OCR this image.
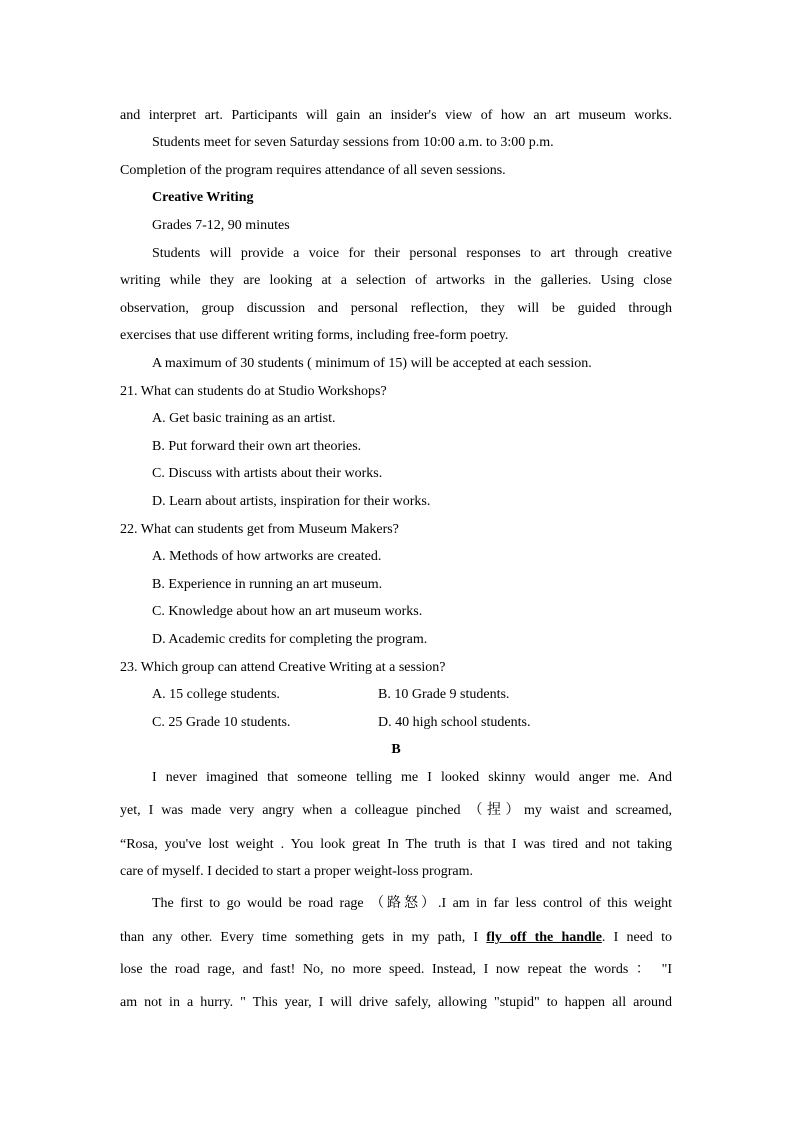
and interpret art. Participants will gain an insider's view of how an art museum works.
Students meet for seven Saturday sessions from 10:00 a.m. to 3:00 p.m.
Completion of the program requires attendance of all seven sessions.
Creative Writing
Grades 7-12, 90 minutes
Students will provide a voice for their personal responses to art through creative
writing while they are looking at a selection of artworks in the galleries. Using close
observation, group discussion and personal reflection, they will be guided through
exercises that use different writing forms, including free-form poetry.
A maximum of 30 students ( minimum of 15) will be accepted at each session.
21. What can students do at Studio Workshops?
A. Get basic training as an artist.
B. Put forward their own art theories.
C. Discuss with artists about their works.
D. Learn about artists, inspiration for their works.
22. What can students get from Museum Makers?
A. Methods of how artworks are created.
B. Experience in running an art museum.
C. Knowledge about how an art museum works.
D. Academic credits for completing the program.
23. Which group can attend Creative Writing at a session?
A. 15 college students.	B. 10 Grade 9 students.
C. 25 Grade 10 students.	D. 40 high school students.
B
I never imagined that someone telling me I looked skinny would anger me. And
yet, I was made very angry when a colleague pinched （捏）my waist and screamed,
“Rosa, you've lost weight . You look great In The truth is that I was tired and not taking
care of myself. I decided to start a proper weight-loss program.
The first to go would be road rage （路怒）.I am in far less control of this weight
than any other. Every time something gets in my path, I fly off the handle. I need to
lose the road rage, and fast! No, no more speed. Instead, I now repeat the words ： "I
am not in a hurry. " This year, I will drive safely, allowing "stupid" to happen all around
